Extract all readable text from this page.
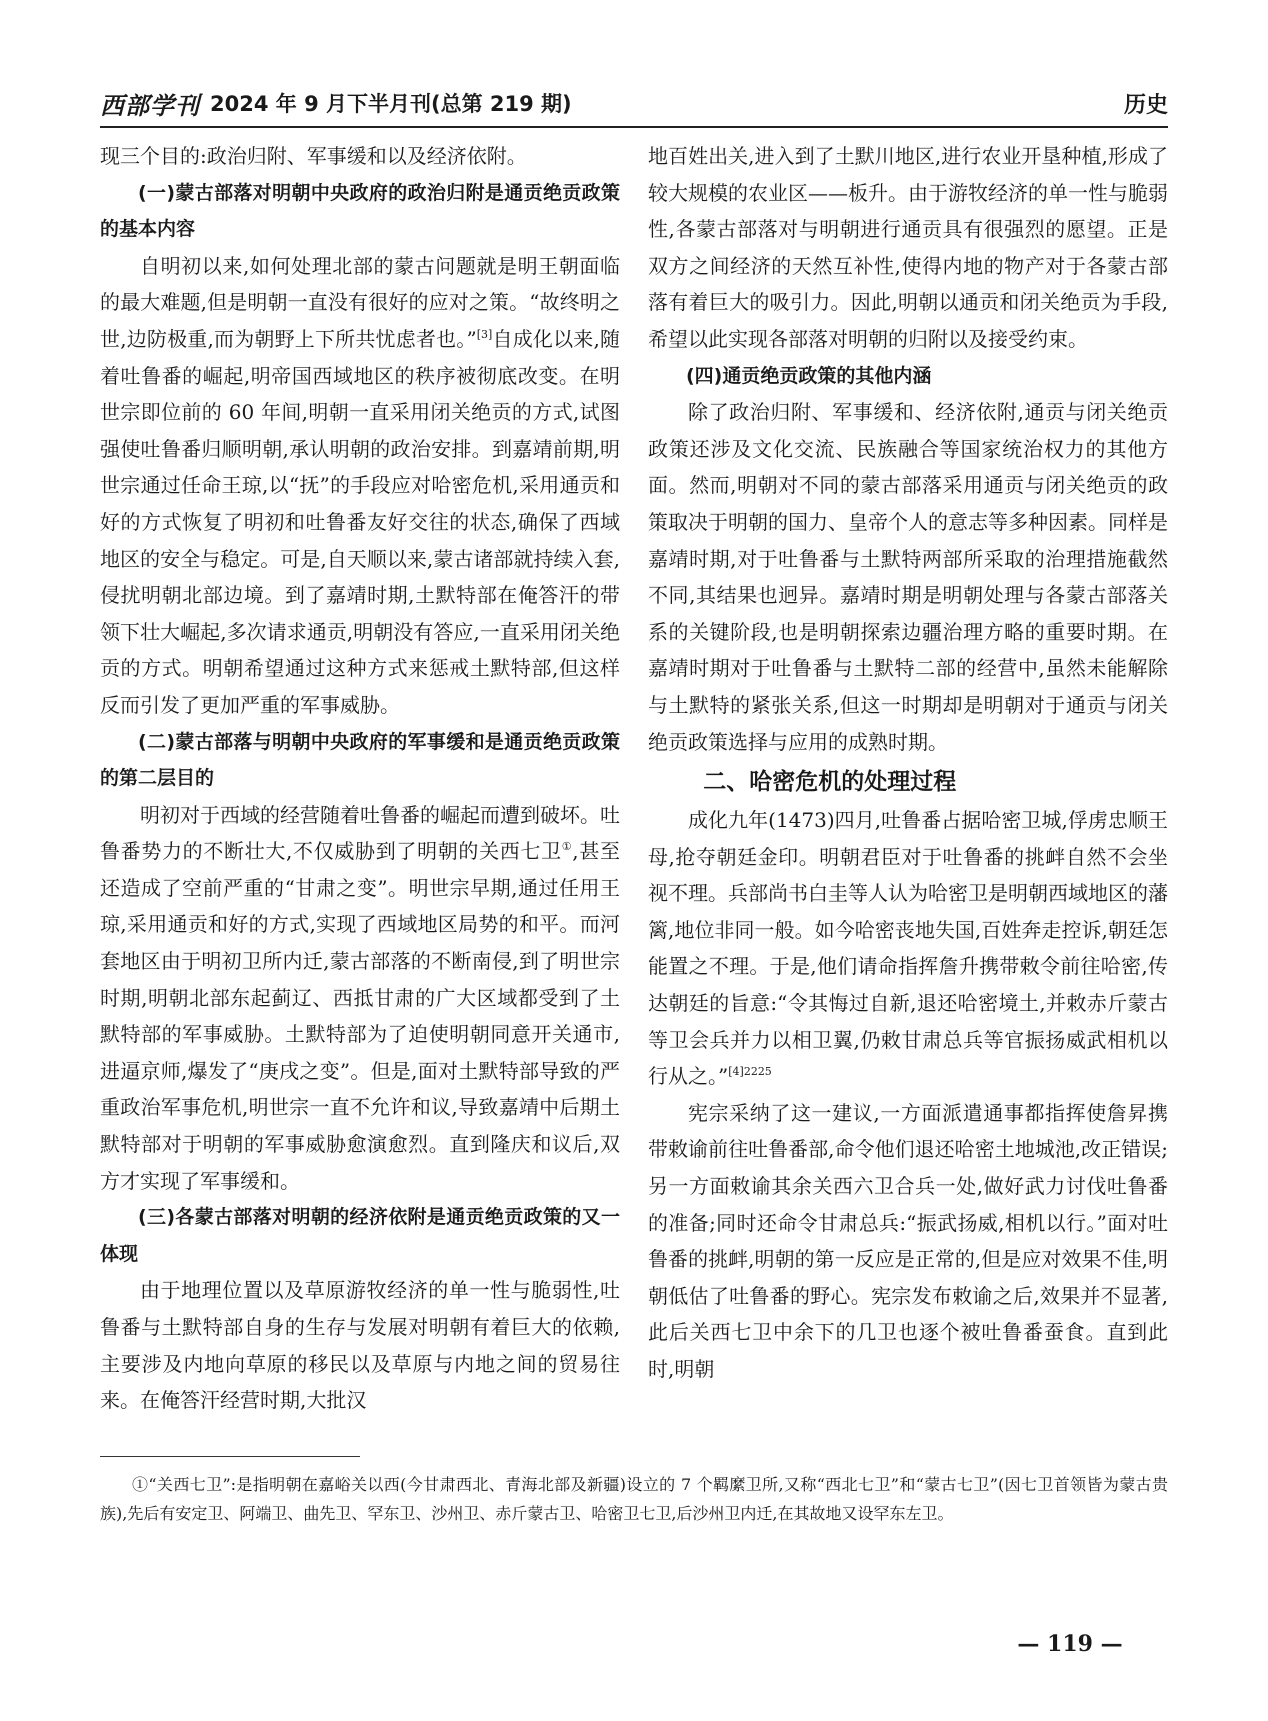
西部学刊 2024 年 9 月下半月刊(总第 219 期)	历史

现三个目的:政治归附、军事缓和以及经济依附。

(一)蒙古部落对明朝中央政府的政治归附是通贡绝贡政策的基本内容

自明初以来,如何处理北部的蒙古问题就是明王朝面临的最大难题,但是明朝一直没有很好的应对之策。“故终明之世,边防极重,而为朝野上下所共忧虑者也。”[3]自成化以来,随着吐鲁番的崛起,明帝国西域地区的秩序被彻底改变。在明世宗即位前的 60 年间,明朝一直采用闭关绝贡的方式,试图强使吐鲁番归顺明朝,承认明朝的政治安排。到嘉靖前期,明世宗通过任命王琼,以“抚”的手段应对哈密危机,采用通贡和好的方式恢复了明初和吐鲁番友好交往的状态,确保了西域地区的安全与稳定。可是,自天顺以来,蒙古诸部就持续入套,侵扰明朝北部边境。到了嘉靖时期,土默特部在俺答汗的带领下壮大崛起,多次请求通贡,明朝没有答应,一直采用闭关绝贡的方式。明朝希望通过这种方式来惩戒土默特部,但这样反而引发了更加严重的军事威胁。

(二)蒙古部落与明朝中央政府的军事缓和是通贡绝贡政策的第二层目的

明初对于西域的经营随着吐鲁番的崛起而遭到破坏。吐鲁番势力的不断壮大,不仅威胁到了明朝的关西七卫①,甚至还造成了空前严重的“甘肃之变”。明世宗早期,通过任用王琼,采用通贡和好的方式,实现了西域地区局势的和平。而河套地区由于明初卫所内迁,蒙古部落的不断南侵,到了明世宗时期,明朝北部东起蓟辽、西抵甘肃的广大区域都受到了土默特部的军事威胁。土默特部为了迫使明朝同意开关通市,进逼京师,爆发了“庚戌之变”。但是,面对土默特部导致的严重政治军事危机,明世宗一直不允许和议,导致嘉靖中后期土默特部对于明朝的军事威胁愈演愈烈。直到隆庆和议后,双方才实现了军事缓和。

(三)各蒙古部落对明朝的经济依附是通贡绝贡政策的又一体现

由于地理位置以及草原游牧经济的单一性与脆弱性,吐鲁番与土默特部自身的生存与发展对明朝有着巨大的依赖,主要涉及内地向草原的移民以及草原与内地之间的贸易往来。在俺答汗经营时期,大批汉

地百姓出关,进入到了土默川地区,进行农业开垦种植,形成了较大规模的农业区——板升。由于游牧经济的单一性与脆弱性,各蒙古部落对与明朝进行通贡具有很强烈的愿望。正是双方之间经济的天然互补性,使得内地的物产对于各蒙古部落有着巨大的吸引力。因此,明朝以通贡和闭关绝贡为手段,希望以此实现各部落对明朝的归附以及接受约束。

(四)通贡绝贡政策的其他内涵

除了政治归附、军事缓和、经济依附,通贡与闭关绝贡政策还涉及文化交流、民族融合等国家统治权力的其他方面。然而,明朝对不同的蒙古部落采用通贡与闭关绝贡的政策取决于明朝的国力、皇帝个人的意志等多种因素。同样是嘉靖时期,对于吐鲁番与土默特两部所采取的治理措施截然不同,其结果也迥异。嘉靖时期是明朝处理与各蒙古部落关系的关键阶段,也是明朝探索边疆治理方略的重要时期。在嘉靖时期对于吐鲁番与土默特二部的经营中,虽然未能解除与土默特的紧张关系,但这一时期却是明朝对于通贡与闭关绝贡政策选择与应用的成熟时期。

二、哈密危机的处理过程

成化九年(1473)四月,吐鲁番占据哈密卫城,俘虏忠顺王母,抢夺朝廷金印。明朝君臣对于吐鲁番的挑衅自然不会坐视不理。兵部尚书白圭等人认为哈密卫是明朝西域地区的藩篱,地位非同一般。如今哈密丧地失国,百姓奔走控诉,朝廷怎能置之不理。于是,他们请命指挥詹升携带敕令前往哈密,传达朝廷的旨意:“令其悔过自新,退还哈密境土,并敕赤斤蒙古等卫会兵并力以相卫翼,仍敕甘肃总兵等官振扬威武相机以行从之。”$^{[4]2225}$

宪宗采纳了这一建议,一方面派遣通事都指挥使詹昇携带敕谕前往吐鲁番部,命令他们退还哈密土地城池,改正错误;另一方面敕谕其余关西六卫合兵一处,做好武力讨伐吐鲁番的准备;同时还命令甘肃总兵:“振武扬威,相机以行。”面对吐鲁番的挑衅,明朝的第一反应是正常的,但是应对效果不佳,明朝低估了吐鲁番的野心。宪宗发布敕谕之后,效果并不显著,此后关西七卫中余下的几卫也逐个被吐鲁番蚕食。直到此时,明朝

①“关西七卫”:是指明朝在嘉峪关以西(今甘肃西北、青海北部及新疆)设立的 7 个羁縻卫所,又称“西北七卫”和“蒙古七卫”(因七卫首领皆为蒙古贵族),先后有安定卫、阿端卫、曲先卫、罕东卫、沙州卫、赤斤蒙古卫、哈密卫七卫,后沙州卫内迁,在其故地又设罕东左卫。

— 119 —
